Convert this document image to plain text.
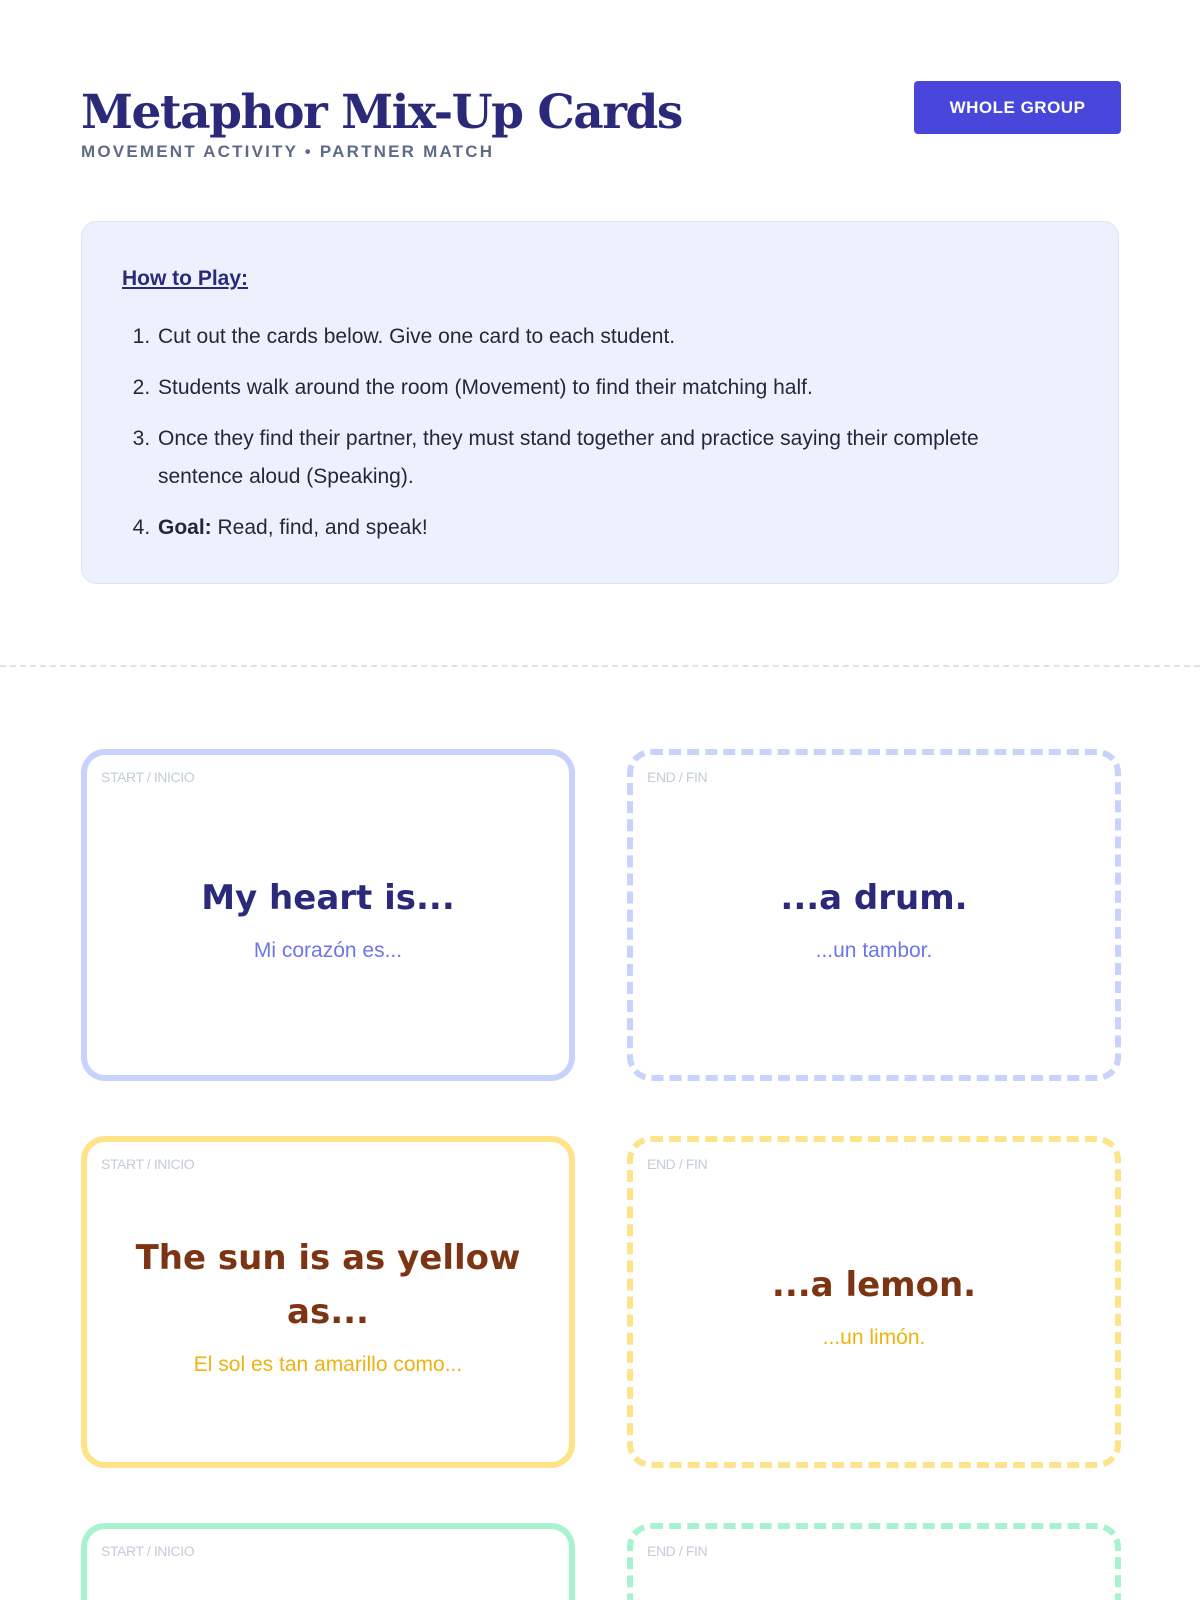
Metaphor Mix-Up Cards
MOVEMENT ACTIVITY • PARTNER MATCH
WHOLE GROUP
How to Play:
1. Cut out the cards below. Give one card to each student.
2. Students walk around the room (Movement) to find their matching half.
3. Once they find their partner, they must stand together and practice saying their complete sentence aloud (Speaking).
4. Goal: Read, find, and speak!
START / INICIO
My heart is...
Mi corazón es...
END / FIN
...a drum.
...un tambor.
START / INICIO
The sun is as yellow as...
El sol es tan amarillo como...
END / FIN
...a lemon.
...un limón.
START / INICIO	END / FIN
